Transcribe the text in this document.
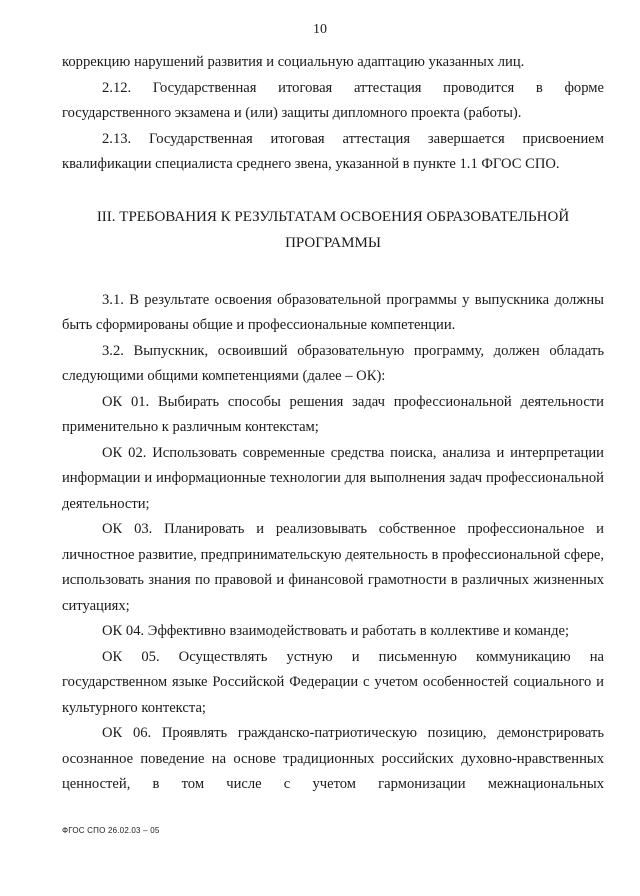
10

коррекцию нарушений развития и социальную адаптацию указанных лиц.

2.12. Государственная итоговая аттестация проводится в форме государственного экзамена и (или) защиты дипломного проекта (работы).

2.13. Государственная итоговая аттестация завершается присвоением квалификации специалиста среднего звена, указанной в пункте 1.1 ФГОС СПО.

III. ТРЕБОВАНИЯ К РЕЗУЛЬТАТАМ ОСВОЕНИЯ ОБРАЗОВАТЕЛЬНОЙ ПРОГРАММЫ

3.1. В результате освоения образовательной программы у выпускника должны быть сформированы общие и профессиональные компетенции.

3.2. Выпускник, освоивший образовательную программу, должен обладать следующими общими компетенциями (далее – ОК):

ОК 01. Выбирать способы решения задач профессиональной деятельности применительно к различным контекстам;

ОК 02. Использовать современные средства поиска, анализа и интерпретации информации и информационные технологии для выполнения задач профессиональной деятельности;

ОК 03. Планировать и реализовывать собственное профессиональное и личностное развитие, предпринимательскую деятельность в профессиональной сфере, использовать знания по правовой и финансовой грамотности в различных жизненных ситуациях;

ОК 04. Эффективно взаимодействовать и работать в коллективе и команде;

ОК 05. Осуществлять устную и письменную коммуникацию на государственном языке Российской Федерации с учетом особенностей социального и культурного контекста;

ОК 06. Проявлять гражданско-патриотическую позицию, демонстрировать осознанное поведение на основе традиционных российских духовно-нравственных ценностей, в том числе с учетом гармонизации межнациональных

ФГОС СПО 26.02.03 – 05
